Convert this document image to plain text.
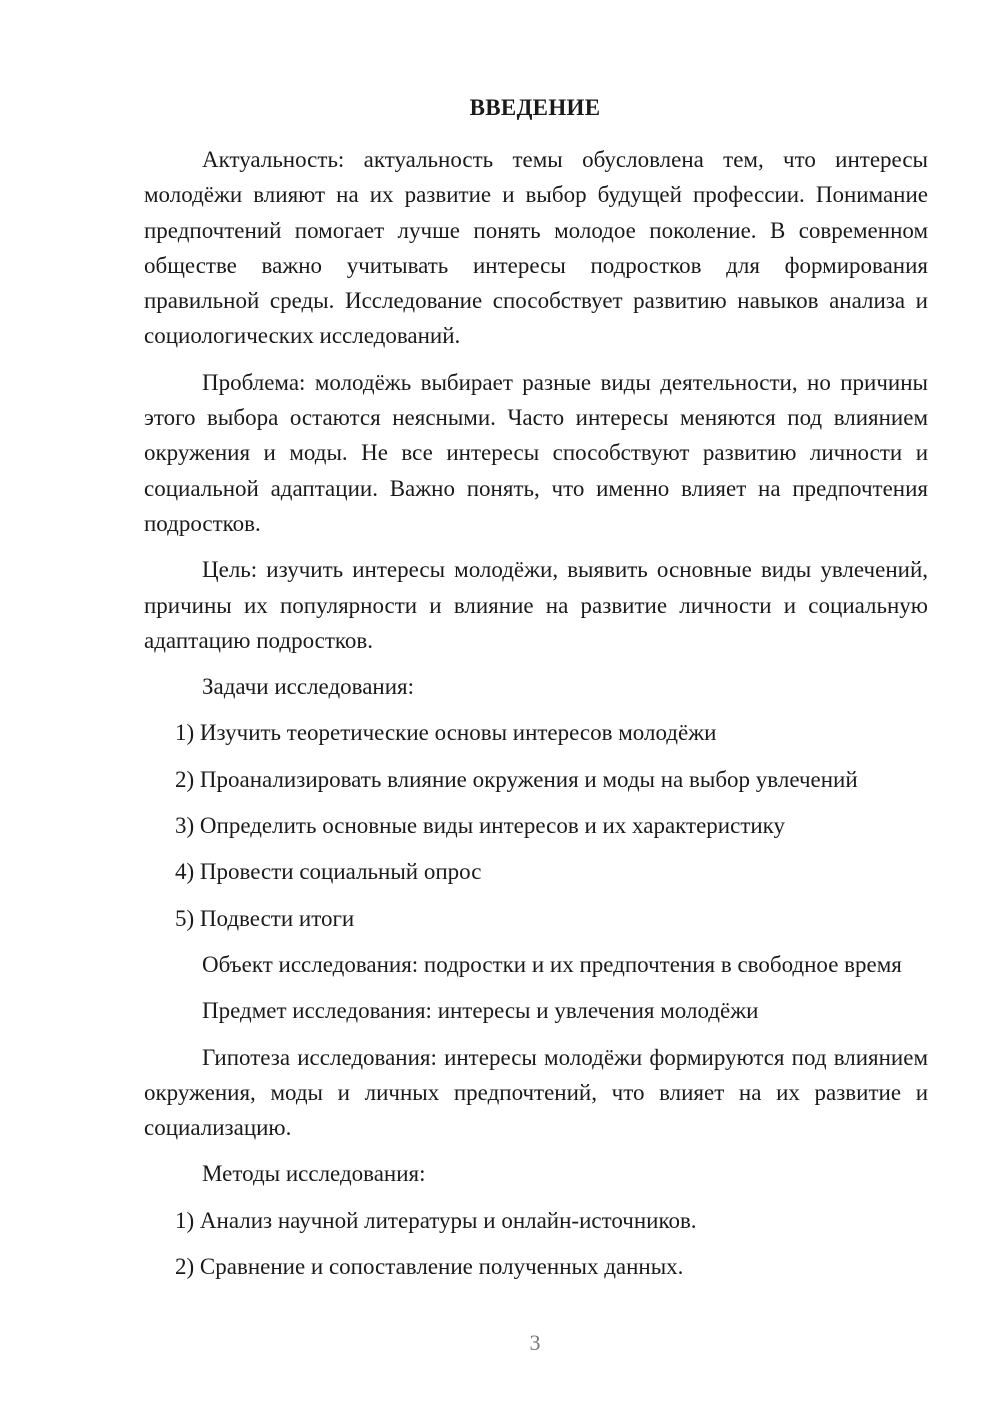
ВВЕДЕНИЕ

Актуальность: актуальность темы обусловлена тем, что интересы молодёжи влияют на их развитие и выбор будущей профессии. Понимание предпочтений помогает лучше понять молодое поколение. В современном обществе важно учитывать интересы подростков для формирования правильной среды. Исследование способствует развитию навыков анализа и социологических исследований.

Проблема: молодёжь выбирает разные виды деятельности, но причины этого выбора остаются неясными. Часто интересы меняются под влиянием окружения и моды. Не все интересы способствуют развитию личности и социальной адаптации. Важно понять, что именно влияет на предпочтения подростков.

Цель: изучить интересы молодёжи, выявить основные виды увлечений, причины их популярности и влияние на развитие личности и социальную адаптацию подростков.

Задачи исследования:

1) Изучить теоретические основы интересов молодёжи
2) Проанализировать влияние окружения и моды на выбор увлечений
3) Определить основные виды интересов и их характеристику
4) Провести социальный опрос
5) Подвести итоги

Объект исследования: подростки и их предпочтения в свободное время

Предмет исследования: интересы и увлечения молодёжи

Гипотеза исследования: интересы молодёжи формируются под влиянием окружения, моды и личных предпочтений, что влияет на их развитие и социализацию.

Методы исследования:

1) Анализ научной литературы и онлайн-источников.
2) Сравнение и сопоставление полученных данных.
3
